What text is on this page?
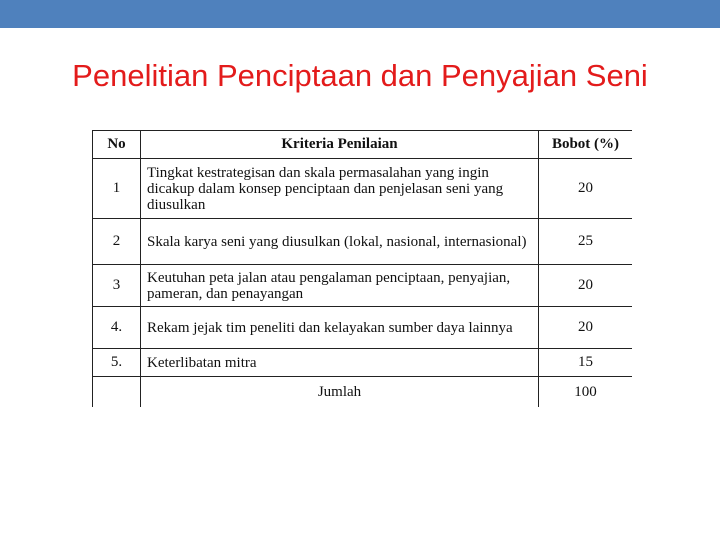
Penelitian Penciptaan dan Penyajian Seni
No	Kriteria Penilaian	Bobot (%)
1	Tingkat kestrategisan dan skala permasalahan yang ingin dicakup dalam konsep penciptaan dan penjelasan seni yang diusulkan	20
2	Skala karya seni yang diusulkan (lokal, nasional, internasional)	25
3	Keutuhan peta jalan atau pengalaman penciptaan, penyajian, pameran, dan penayangan	20
4.	Rekam jejak tim peneliti dan kelayakan sumber daya lainnya	20
5.	Keterlibatan mitra	15
	Jumlah	100
